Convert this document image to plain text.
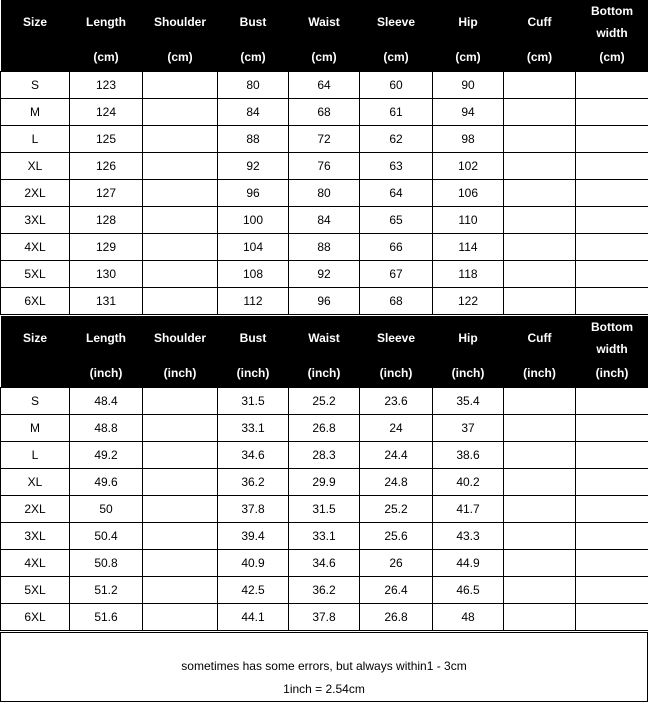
Size	Length	Shoulder	Bust	Waist	Sleeve	Hip	Cuff	Bottom width
	(cm)	(cm)	(cm)	(cm)	(cm)	(cm)	(cm)	(cm)
S	123		80	64	60	90		
M	124		84	68	61	94		
L	125		88	72	62	98		
XL	126		92	76	63	102		
2XL	127		96	80	64	106		
3XL	128		100	84	65	110		
4XL	129		104	88	66	114		
5XL	130		108	92	67	118		
6XL	131		112	96	68	122		
Size	Length	Shoulder	Bust	Waist	Sleeve	Hip	Cuff	Bottom width
	(inch)	(inch)	(inch)	(inch)	(inch)	(inch)	(inch)	(inch)
S	48.4		31.5	25.2	23.6	35.4		
M	48.8		33.1	26.8	24	37		
L	49.2		34.6	28.3	24.4	38.6		
XL	49.6		36.2	29.9	24.8	40.2		
2XL	50		37.8	31.5	25.2	41.7		
3XL	50.4		39.4	33.1	25.6	43.3		
4XL	50.8		40.9	34.6	26	44.9		
5XL	51.2		42.5	36.2	26.4	46.5		
6XL	51.6		44.1	37.8	26.8	48		
sometimes has some errors, but always within1 - 3cm
1inch = 2.54cm
